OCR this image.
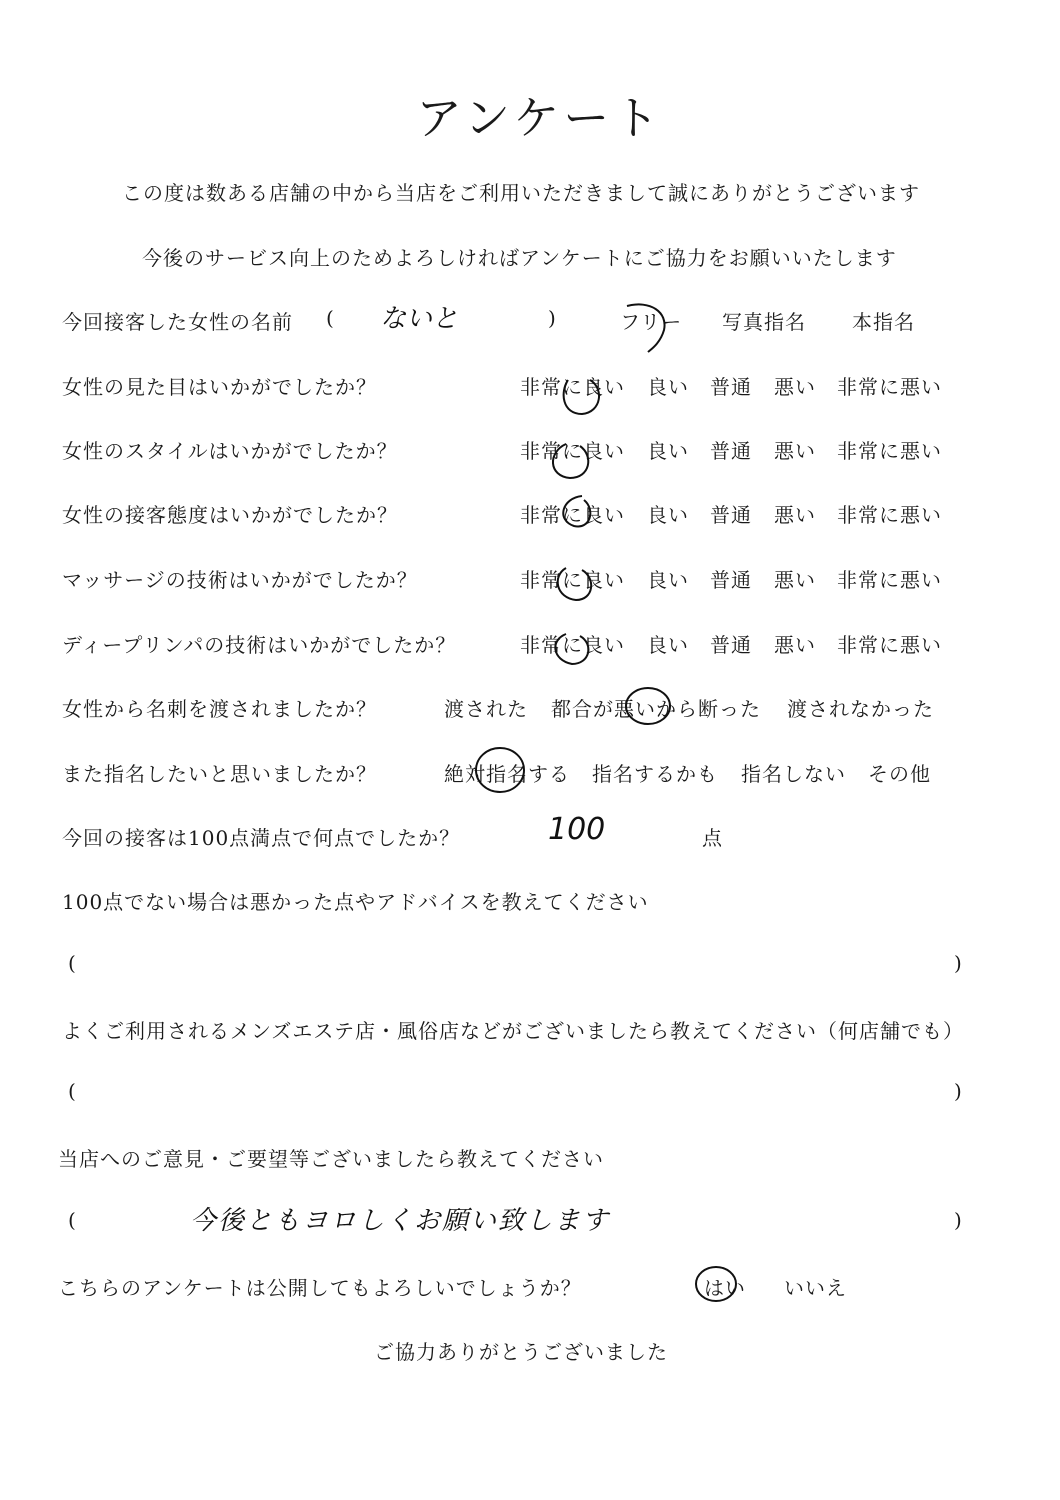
アンケート
この度は数ある店舗の中から当店をご利用いただきまして誠にありがとうございます
今後のサービス向上のためよろしければアンケートにご協力をお願いいたします
今回接客した女性の名前 ( ないと	)	フリー 写真指名 本指名
女性の見た目はいかがでしたか？	非常に良い	良い	普通	悪い	非常に悪い
女性のスタイルはいかがでしたか？	非常に良い	良い	普通	悪い	非常に悪い
女性の接客態度はいかがでしたか？	非常に良い	良い	普通	悪い	非常に悪い
マッサージの技術はいかがでしたか？	非常に良い	良い	普通	悪い	非常に悪い
ディープリンパの技術はいかがでしたか？	非常に良い	良い	普通	悪い	非常に悪い
女性から名刺を渡されましたか？	渡された	都合が悪いから断った	渡されなかった
また指名したいと思いましたか？	絶対指名する	指名するかも	指名しない	その他
今回の接客は100点満点で何点でしたか？	100	点
100点でない場合は悪かった点やアドバイスを教えてください
(	)
よくご利用されるメンズエステ店・風俗店などがございましたら教えてください（何店舗でも）
(	)
当店へのご意見・ご要望等ございましたら教えてください
(	今後ともヨロしくお願い致します	)
こちらのアンケートは公開してもよろしいでしょうか？	はい いいえ
ご協力ありがとうございました
